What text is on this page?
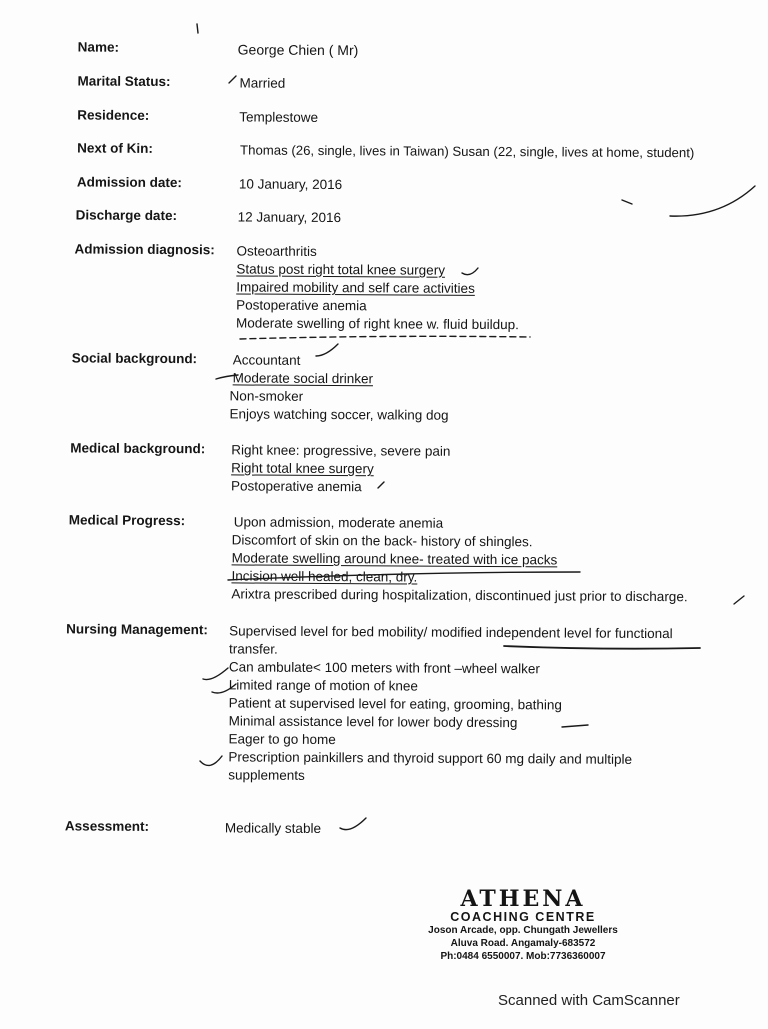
Name:	George Chien ( Mr)
Marital Status:	Married
Residence:	Templestowe
Next of Kin:	Thomas (26, single, lives in Taiwan) Susan (22, single, lives at home, student)
Admission date:	10 January, 2016
Discharge date:	12 January, 2016
Admission diagnosis: Osteoarthritis
Status post right total knee surgery
Impaired mobility and self care activities
Postoperative anemia
Moderate swelling of right knee w. fluid buildup.
Social background:	Accountant
Moderate social drinker
Non-smoker
Enjoys watching soccer, walking dog
Medical background: Right knee: progressive, severe pain
Right total knee surgery
Postoperative anemia
Medical Progress:	Upon admission, moderate anemia
Discomfort of skin on the back- history of shingles.
Moderate swelling around knee- treated with ice packs
Incision well healed, clean, dry.
Arixtra prescribed during hospitalization, discontinued just prior to discharge.
Nursing Management: Supervised level for bed mobility/ modified independent level for functional
transfer.
Can ambulate< 100 meters with front –wheel walker
Limited range of motion of knee
Patient at supervised level for eating, grooming, bathing
Minimal assistance level for lower body dressing
Eager to go home
Prescription painkillers and thyroid support 60 mg daily and multiple
supplements
Assessment:	Medically stable
ATHENA
COACHING CENTRE
Joson Arcade, opp. Chungath Jewellers
Aluva Road. Angamaly-683572
Ph:0484 6550007. Mob:7736360007
Scanned with CamScanner
